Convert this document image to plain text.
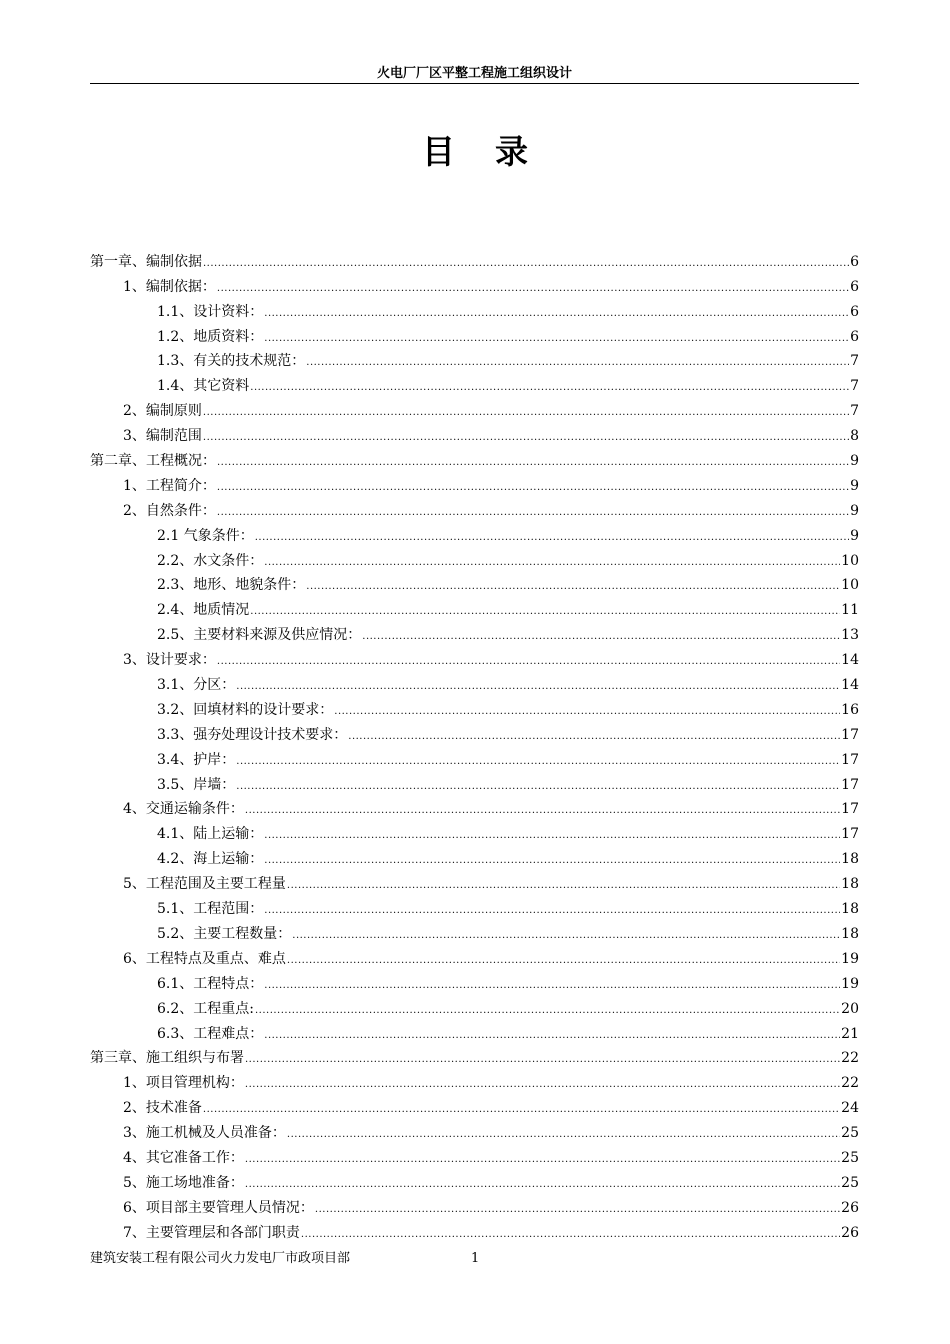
火电厂厂区平整工程施工组织设计
目录
第一章、编制依据 .....	6
1、编制依据： .....	6
1.1、设计资料： .....	6
1.2、地质资料： .....	6
1.3、有关的技术规范： .....	7
1.4、其它资料 .....	7
2、编制原则 .....	7
3、编制范围 .....	8
第二章、工程概况： .....	9
1、工程简介： .....	9
2、自然条件： .....	9
2.1 气象条件： .....	9
2.2、水文条件： .....	10
2.3、地形、地貌条件： .....	10
2.4、地质情况 .....	11
2.5、主要材料来源及供应情况： .....	13
3、设计要求： .....	14
3.1、分区： .....	14
3.2、回填材料的设计要求： .....	16
3.3、强夯处理设计技术要求： .....	17
3.4、护岸： .....	17
3.5、岸墙： .....	17
4、交通运输条件： .....	17
4.1、陆上运输： .....	17
4.2、海上运输： .....	18
5、工程范围及主要工程量 .....	18
5.1、工程范围： .....	18
5.2、主要工程数量： .....	18
6、工程特点及重点、难点 .....	19
6.1、工程特点： .....	19
6.2、工程重点: .....	20
6.3、工程难点： .....	21
第三章、施工组织与布署 .....	22
1、项目管理机构： .....	22
2、技术准备 .....	24
3、施工机械及人员准备： .....	25
4、其它准备工作： .....	25
5、施工场地准备： .....	25
6、项目部主要管理人员情况： .....	26
7、主要管理层和各部门职责 .....	26
建筑安装工程有限公司火力发电厂市政项目部	1
